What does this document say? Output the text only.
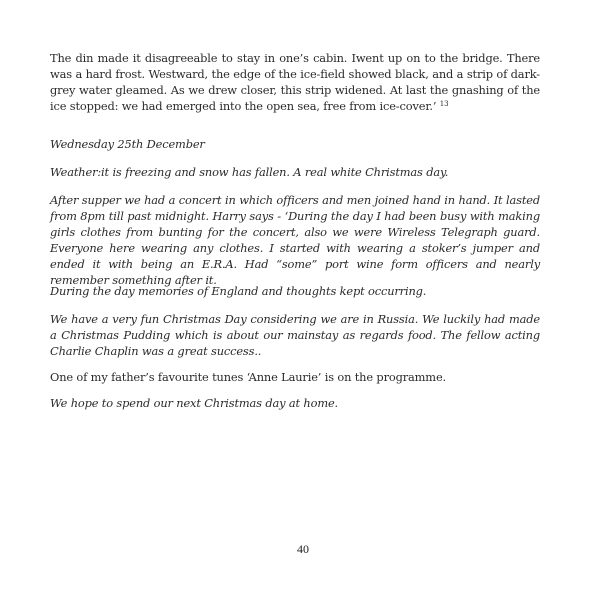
The din made it disagreeable to stay in one’s cabin. Iwent up on to the bridge. There was a hard frost. Westward, the edge of the ice-field showed black, and a strip of dark-grey water gleamed. As we drew closer, this strip widened. At last the gnashing of the ice stopped: we had emerged into the open sea, free from ice-cover.’ $^{13}$

Wednesday 25th December

Weather:it is freezing and snow has fallen. A real white Christmas day.

After supper we had a concert in which officers and men joined hand in hand. It lasted from 8pm till past midnight. Harry says - ‘During the day I had been busy with making girls clothes from bunting for the concert, also we were Wireless Telegraph guard. Everyone here wearing any clothes. I started with wearing a stoker’s jumper and ended it with being an E.R.A. Had “some” port wine form officers and nearly remember something after it.

During the day memories of England and thoughts kept occurring.

We have a very fun Christmas Day considering we are in Russia. We luckily had made a Christmas Pudding which is about our mainstay as regards food. The fellow acting Charlie Chaplin was a great success..

One of my father’s favourite tunes ‘Anne Laurie’ is on the programme.

We hope to spend our next Christmas day at home.

40
